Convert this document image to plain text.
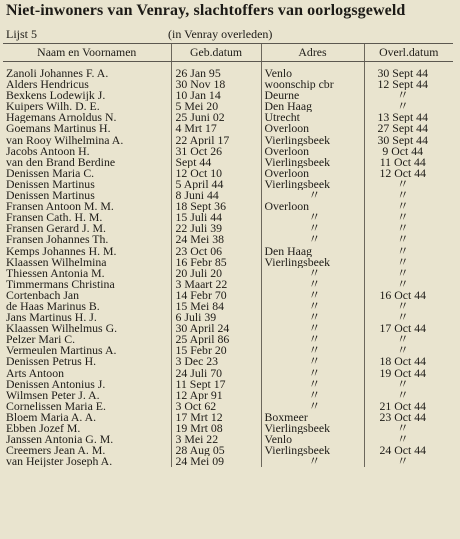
Niet-inwoners van Venray, slachtoffers van oorlogsgeweld
Lijst 5	(in Venray overleden)
Naam en Voornamen	Geb.datum	Adres	Overl.datum
Zanoli Johannes F. A.	26 Jan 95	Venlo	30 Sept 44
Alders Hendricus	30 Nov 18	woonschip cbr	12 Sept 44
Bexkens Lodewijk J.	10 Jan 14	Deurne	〃
Kuipers Wilh. D. E.	5 Mei 20	Den Haag	〃
Hagemans Arnoldus N.	25 Juni 02	Utrecht	13 Sept 44
Goemans Martinus H.	4 Mrt 17	Overloon	27 Sept 44
van Rooy Wilhelmina A.	22 April 17	Vierlingsbeek	30 Sept 44
Jacobs Antoon H.	31 Oct 26	Overloon	9 Oct 44
van den Brand Berdine	Sept 44	Vierlingsbeek	11 Oct 44
Denissen Maria C.	12 Oct 10	Overloon	12 Oct 44
Denissen Martinus	5 April 44	Vierlingsbeek	〃
Denissen Martinus	8 Juni 44	〃	〃
Fransen Antoon M. M.	18 Sept 36	Overloon	〃
Fransen Cath. H. M.	15 Juli 44	〃	〃
Fransen Gerard J. M.	22 Juli 39	〃	〃
Fransen Johannes Th.	24 Mei 38	〃	〃
Kemps Johannes H. M.	23 Oct 06	Den Haag	〃
Klaassen Wilhelmina	16 Febr 85	Vierlingsbeek	〃
Thiessen Antonia M.	20 Juli 20	〃	〃
Timmermans Christina	3 Maart 22	〃	〃
Cortenbach Jan	14 Febr 70	〃	16 Oct 44
de Haas Marinus B.	15 Mei 84	〃	〃
Jans Martinus H. J.	6 Juli 39	〃	〃
Klaassen Wilhelmus G.	30 April 24	〃	17 Oct 44
Pelzer Mari C.	25 April 86	〃	〃
Vermeulen Martinus A.	15 Febr 20	〃	〃
Denissen Petrus H.	3 Dec 23	〃	18 Oct 44
Arts Antoon	24 Juli 70	〃	19 Oct 44
Denissen Antonius J.	11 Sept 17	〃	〃
Wilmsen Peter J. A.	12 Apr 91	〃	〃
Cornelissen Maria E.	3 Oct 62	〃	21 Oct 44
Bloem Maria A. A.	17 Mrt 12	Boxmeer	23 Oct 44
Ebben Jozef M.	19 Mrt 08	Vierlingsbeek	〃
Janssen Antonia G. M.	3 Mei 22	Venlo	〃
Creemers Jean A. M.	28 Aug 05	Vierlingsbeek	24 Oct 44
van Heijster Joseph A.	24 Mei 09	〃	〃
